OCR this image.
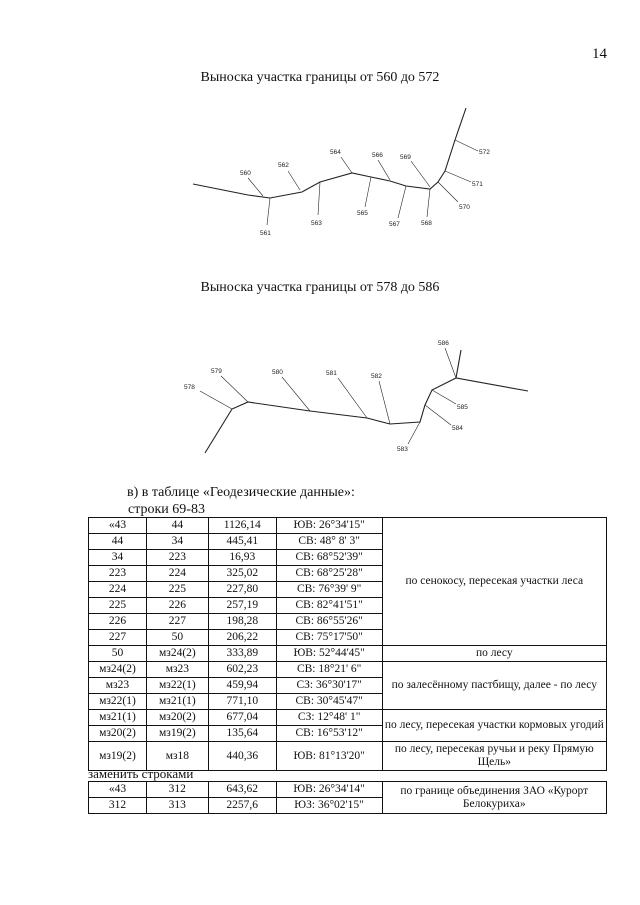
14
Выноска участка границы от 560 до 572
560
561
562
563
564
565
566
567	568
569
570
571
572
578
579	580	581	582
583
584
585
586
Выноска участка границы от 578 до 586
в) в таблице «Геодезические данные»:
строки 69-83
«43	44	1126,14	ЮВ: 26°34'15"	по сенокосу, пересекая участки леса
44	34	445,41	СВ: 48° 8' 3"	
34	223	16,93	СВ: 68°52'39"	
223	224	325,02	СВ: 68°25'28"	
224	225	227,80	СВ: 76°39' 9"	
225	226	257,19	СВ: 82°41'51"	
226	227	198,28	СВ: 86°55'26"	
227	50	206,22	СВ: 75°17'50"	
50	мз24(2)	333,89	ЮВ: 52°44'45"	по лесу
мз24(2)	мз23	602,23	СВ: 18°21' 6"	по залесённому пастбищу, далее - по лесу
мз23	мз22(1)	459,94	СЗ: 36°30'17"	
мз22(1)	мз21(1)	771,10	СВ: 30°45'47"	
мз21(1)	мз20(2)	677,04	СЗ: 12°48' 1"	по лесу, пересекая участки кормовых угодий
мз20(2)	мз19(2)	135,64	СВ: 16°53'12"	
мз19(2)	мз18	440,36	ЮВ: 81°13'20"	по лесу, пересекая ручьи и реку Прямую Щель»
заменить строками
«43	312	643,62	ЮВ: 26°34'14"	по границе объединения ЗАО «Курорт Белокуриха»
312	313	2257,6	ЮЗ: 36°02'15"	
